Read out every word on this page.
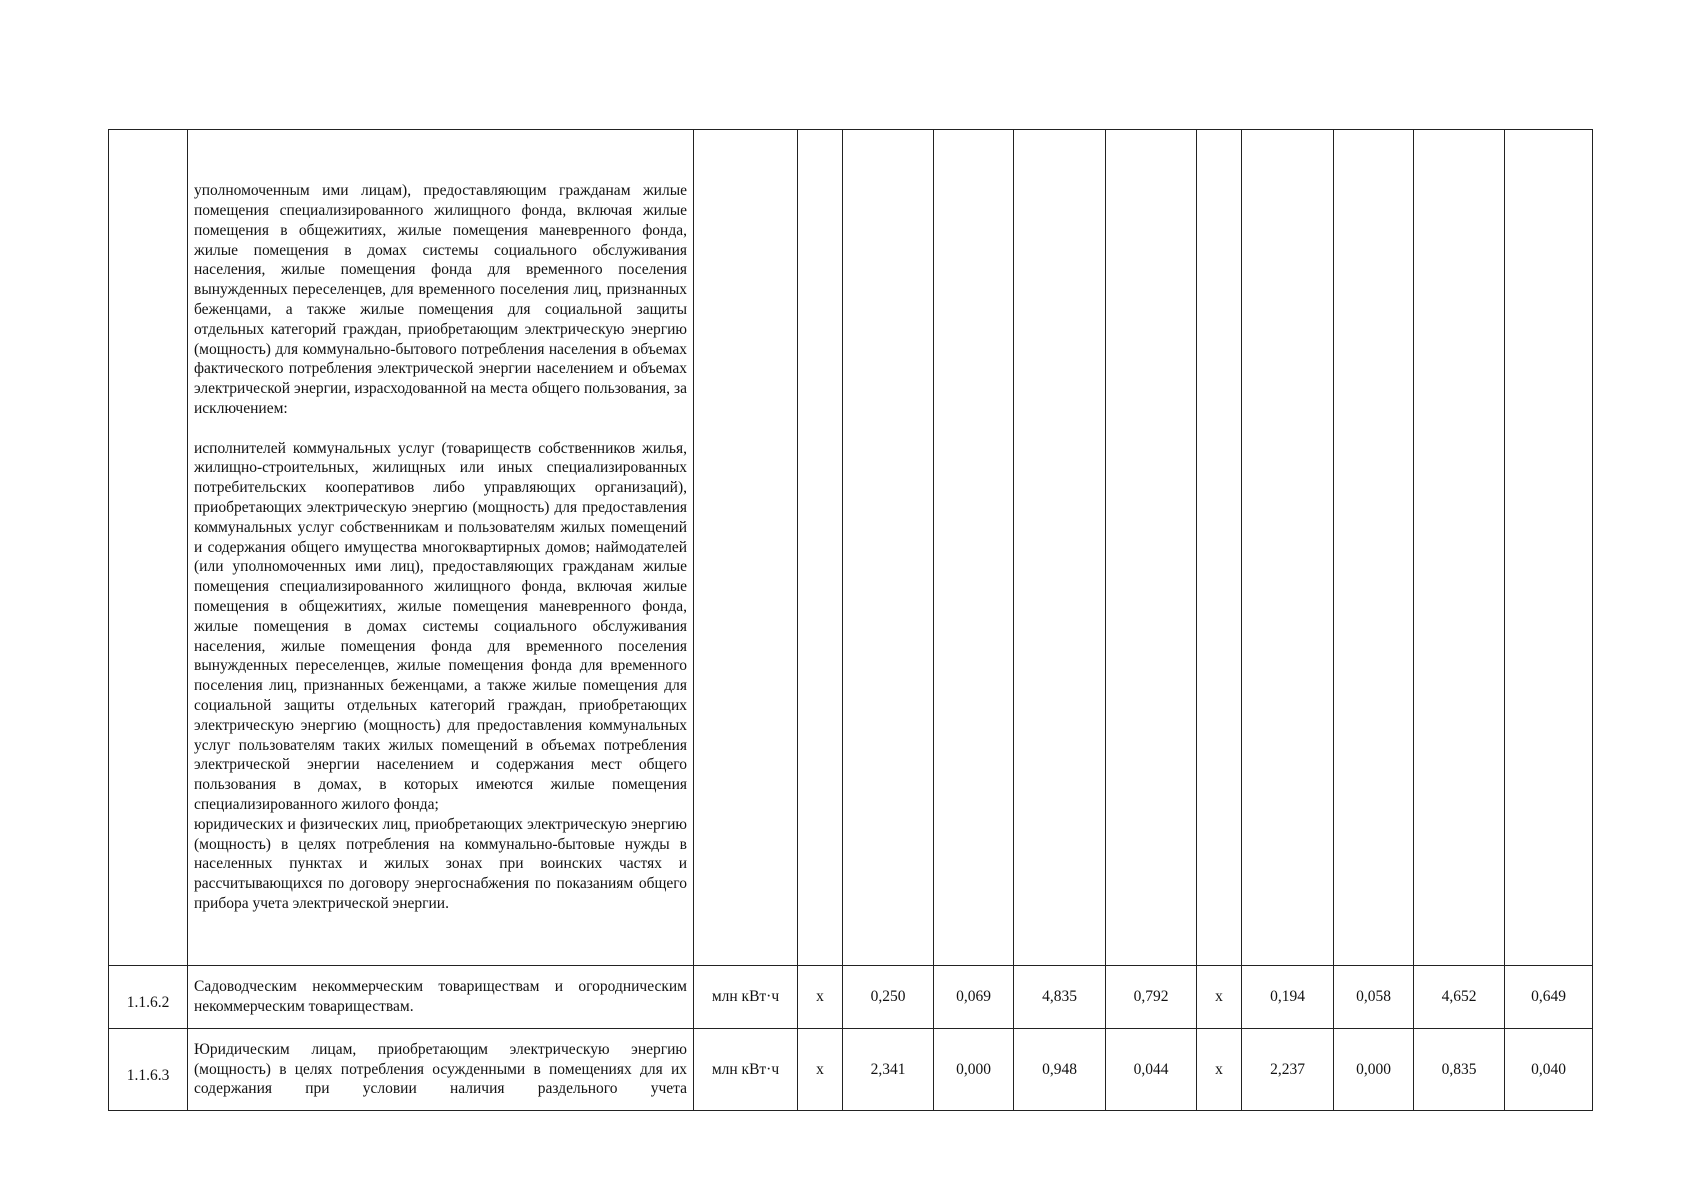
	уполномоченным ими лицам), предоставляющим гражданам жилые помещения специализированного жилищного фонда, включая жилые помещения в общежитиях, жилые помещения маневренного фонда, жилые помещения в домах системы социального обслуживания населения, жилые помещения фонда для временного поселения вынужденных переселенцев, для временного поселения лиц, признанных беженцами, а также жилые помещения для социальной защиты отдельных категорий граждан, приобретающим электрическую энергию (мощность) для коммунально-бытового потребления населения в объемах фактического потребления электрической энергии населением и объемах электрической энергии, израсходованной на места общего пользования, за исключением:
исполнителей коммунальных услуг (товариществ собственников жилья, жилищно-строительных, жилищных или иных специализированных потребительских кооперативов либо управляющих организаций), приобретающих электрическую энергию (мощность) для предоставления коммунальных услуг собственникам и пользователям жилых помещений и содержания общего имущества многоквартирных домов; наймодателей (или уполномоченных ими лиц), предоставляющих гражданам жилые помещения специализированного жилищного фонда, включая жилые помещения в общежитиях, жилые помещения маневренного фонда, жилые помещения в домах системы социального обслуживания населения, жилые помещения фонда для временного поселения вынужденных переселенцев, жилые помещения фонда для временного поселения лиц, признанных беженцами, а также жилые помещения для социальной защиты отдельных категорий граждан, приобретающих электрическую энергию (мощность) для предоставления коммунальных услуг пользователям таких жилых помещений в объемах потребления электрической энергии населением и содержания мест общего пользования в домах, в которых имеются жилые помещения специализированного жилого фонда;
юридических и физических лиц, приобретающих электрическую энергию (мощность) в целях потребления на коммунально-бытовые нужды в населенных пунктах и жилых зонах при воинских частях и рассчитывающихся по договору энергоснабжения по показаниям общего прибора учета электрической энергии.											

1.1.6.2	Садоводческим некоммерческим товариществам и огородническим некоммерческим товариществам.	млн кВт·ч	х	0,250	0,069	4,835	0,792	х	0,194	0,058	4,652	0,649

1.1.6.3	Юридическим лицам, приобретающим электрическую энергию (мощность) в целях потребления осужденными в помещениях для их содержания при условии наличия раздельного учета	млн кВт·ч	х	2,341	0,000	0,948	0,044	х	2,237	0,000	0,835	0,040
